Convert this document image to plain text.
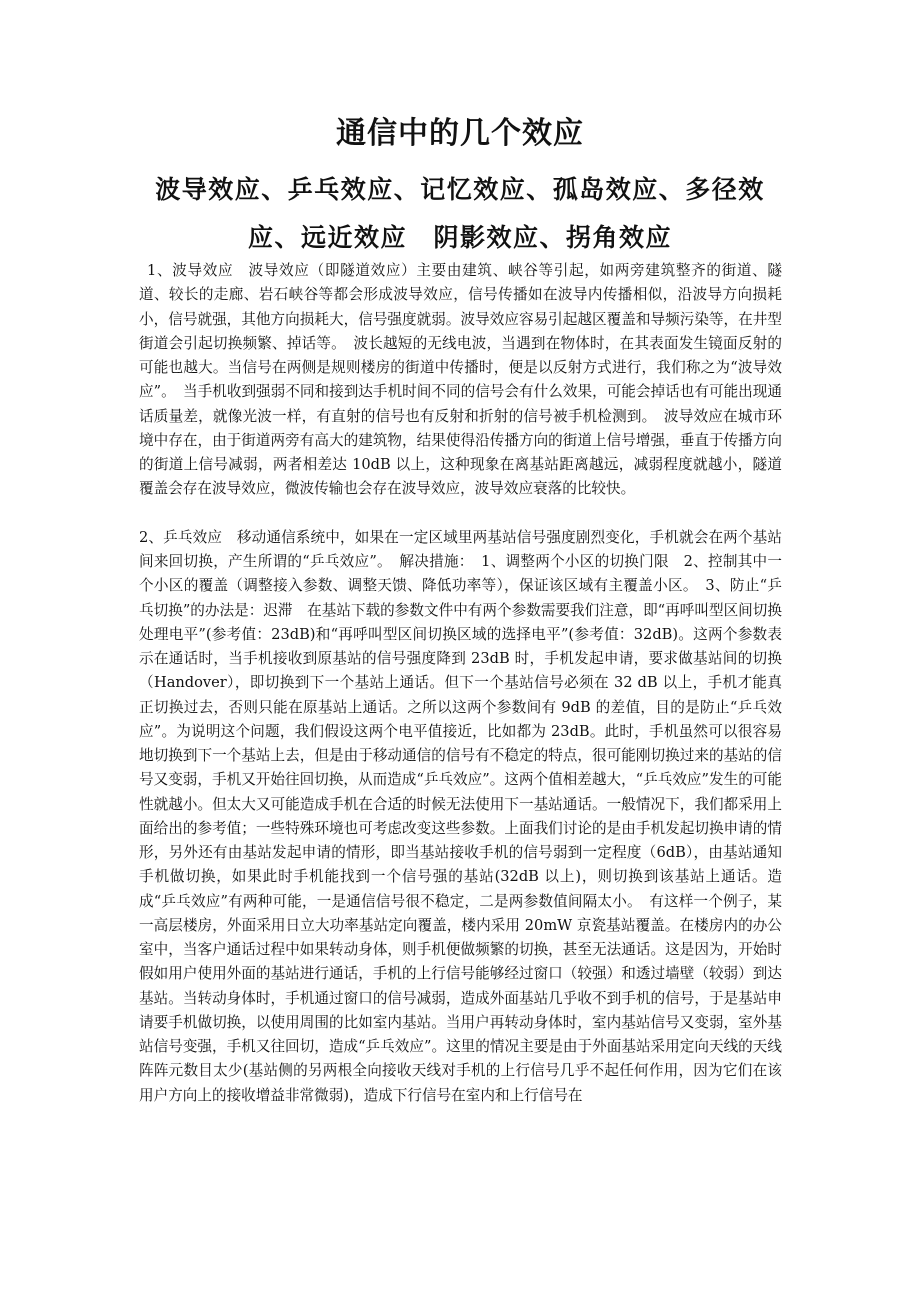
通信中的几个效应
波导效应、乒乓效应、记忆效应、孤岛效应、多径效应、远近效应　阴影效应、拐角效应

1、波导效应　波导效应（即隧道效应）主要由建筑、峡谷等引起，如两旁建筑整齐的街道、隧道、较长的走廊、岩石峡谷等都会形成波导效应，信号传播如在波导内传播相似，沿波导方向损耗小，信号就强，其他方向损耗大，信号强度就弱。波导效应容易引起越区覆盖和导频污染等，在井型街道会引起切换频繁、掉话等。　波长越短的无线电波，当遇到在物体时，在其表面发生镜面反射的可能也越大。当信号在两侧是规则楼房的街道中传播时，便是以反射方式进行，我们称之为“波导效应”。　当手机收到强弱不同和接到达手机时间不同的信号会有什么效果，可能会掉话也有可能出现通话质量差，就像光波一样，有直射的信号也有反射和折射的信号被手机检测到。　波导效应在城市环境中存在，由于街道两旁有高大的建筑物，结果使得沿传播方向的街道上信号增强，垂直于传播方向的街道上信号减弱，两者相差达 10dB 以上，这种现象在离基站距离越远，减弱程度就越小，隧道覆盖会存在波导效应，微波传输也会存在波导效应，波导效应衰落的比较快。

2、乒乓效应　移动通信系统中，如果在一定区域里两基站信号强度剧烈变化，手机就会在两个基站间来回切换，产生所谓的“乒乓效应”。　解决措施：　1、调整两个小区的切换门限　2、控制其中一个小区的覆盖（调整接入参数、调整天馈、降低功率等），保证该区域有主覆盖小区。　3、防止“乒乓切换”的办法是：迟滞　在基站下载的参数文件中有两个参数需要我们注意，即“再呼叫型区间切换处理电平”(参考值：23dB)和“再呼叫型区间切换区域的选择电平”(参考值：32dB)。这两个参数表示在通话时，当手机接收到原基站的信号强度降到 23dB 时，手机发起申请，要求做基站间的切换（Handover），即切换到下一个基站上通话。但下一个基站信号必须在 32 dB 以上，手机才能真正切换过去，否则只能在原基站上通话。之所以这两个参数间有 9dB 的差值，目的是防止“乒乓效应”。为说明这个问题，我们假设这两个电平值接近，比如都为 23dB。此时，手机虽然可以很容易地切换到下一个基站上去，但是由于移动通信的信号有不稳定的特点，很可能刚切换过来的基站的信号又变弱，手机又开始往回切换，从而造成“乒乓效应”。这两个值相差越大，“乒乓效应”发生的可能性就越小。但太大又可能造成手机在合适的时候无法使用下一基站通话。一般情况下，我们都采用上面给出的参考值；一些特殊环境也可考虑改变这些参数。上面我们讨论的是由手机发起切换申请的情形，另外还有由基站发起申请的情形，即当基站接收手机的信号弱到一定程度（6dB），由基站通知手机做切换，如果此时手机能找到一个信号强的基站(32dB 以上)，则切换到该基站上通话。造成“乒乓效应”有两种可能，一是通信信号很不稳定，二是两参数值间隔太小。　有这样一个例子，某一高层楼房，外面采用日立大功率基站定向覆盖，楼内采用 20mW 京瓷基站覆盖。在楼房内的办公室中，当客户通话过程中如果转动身体，则手机便做频繁的切换，甚至无法通话。这是因为，开始时假如用户使用外面的基站进行通话，手机的上行信号能够经过窗口（较强）和透过墙壁（较弱）到达基站。当转动身体时，手机通过窗口的信号减弱，造成外面基站几乎收不到手机的信号，于是基站申请要手机做切换，以使用周围的比如室内基站。当用户再转动身体时，室内基站信号又变弱，室外基站信号变强，手机又往回切，造成“乒乓效应”。这里的情况主要是由于外面基站采用定向天线的天线阵阵元数目太少(基站侧的另两根全向接收天线对手机的上行信号几乎不起任何作用，因为它们在该用户方向上的接收增益非常微弱)，造成下行信号在室内和上行信号在
